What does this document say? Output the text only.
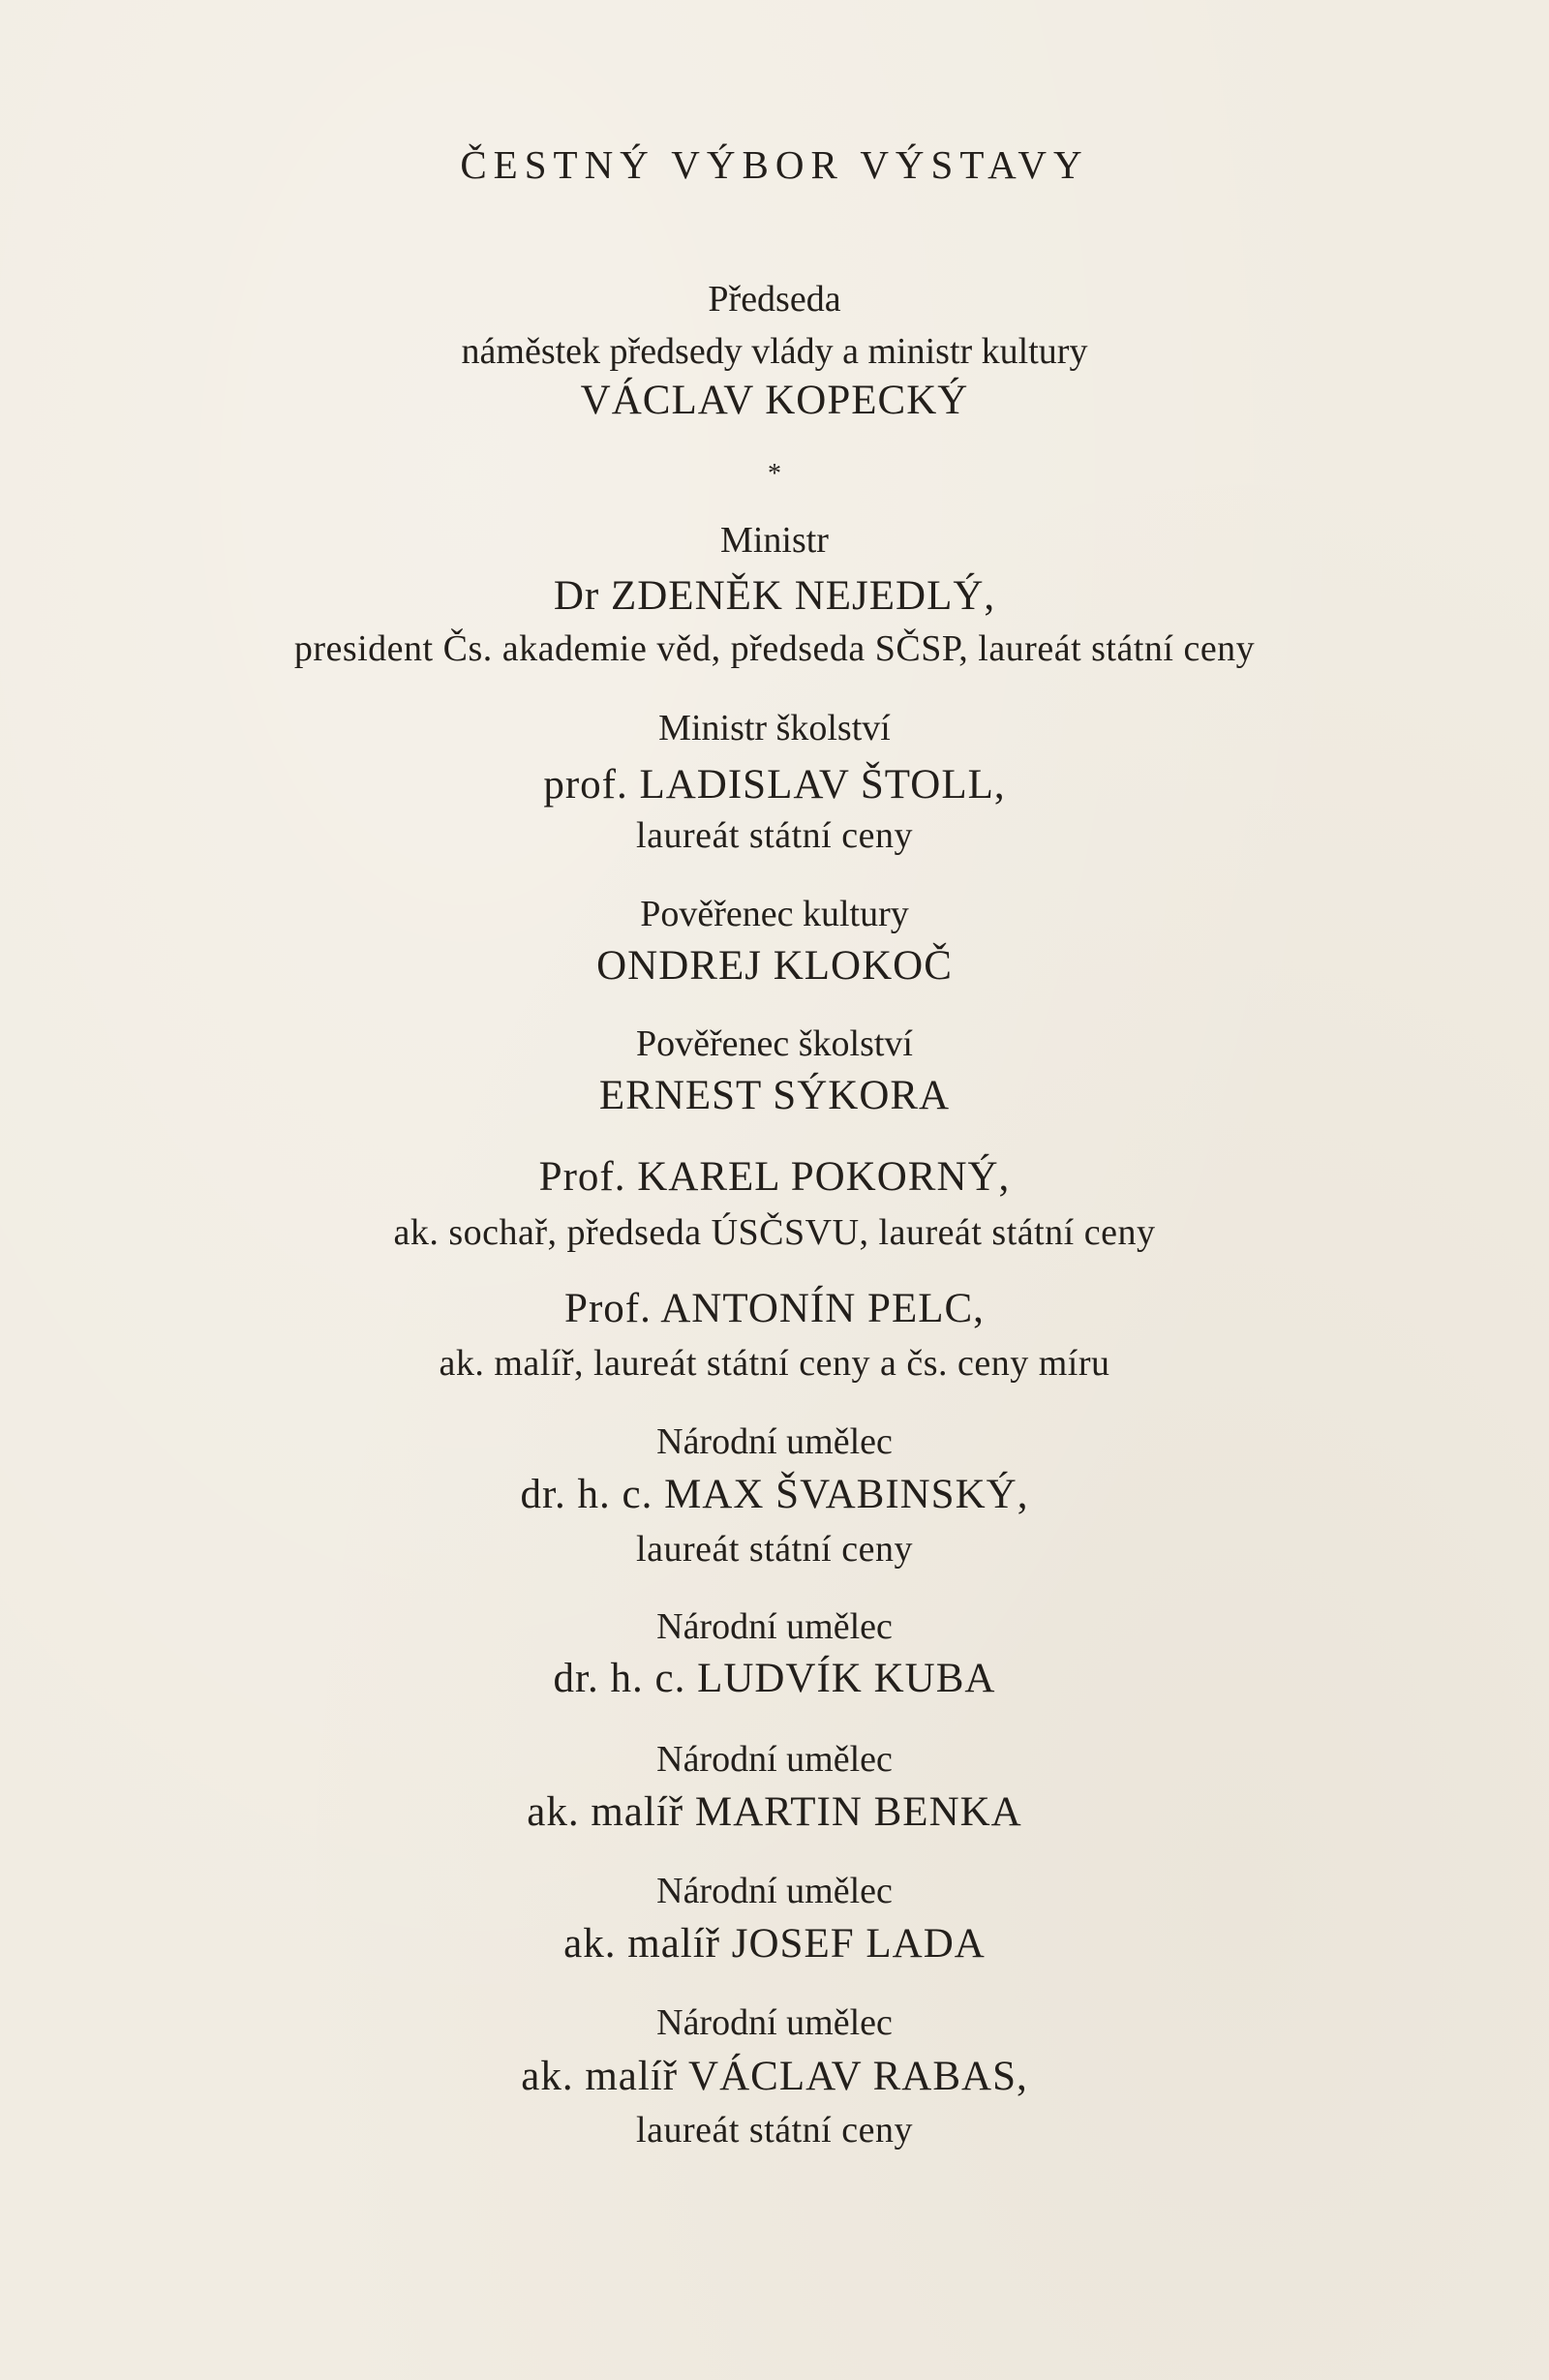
ČESTNÝ VÝBOR VÝSTAVY
Předseda
náměstek předsedy vlády a ministr kultury
VÁCLAV KOPECKÝ
*
Ministr
Dr ZDENĚK NEJEDLÝ,
president Čs. akademie věd, předseda SČSP, laureát státní ceny
Ministr školství
prof. LADISLAV ŠTOLL,
laureát státní ceny
Pověřenec kultury
ONDREJ KLOKOČ
Pověřenec školství
ERNEST SÝKORA
Prof. KAREL POKORNÝ,
ak. sochař, předseda ÚSČSVU, laureát státní ceny
Prof. ANTONÍN PELC,
ak. malíř, laureát státní ceny a čs. ceny míru
Národní umělec
dr. h. c. MAX ŠVABINSKÝ,
laureát státní ceny
Národní umělec
dr. h. c. LUDVÍK KUBA
Národní umělec
ak. malíř MARTIN BENKA
Národní umělec
ak. malíř JOSEF LADA
Národní umělec
ak. malíř VÁCLAV RABAS,
laureát státní ceny
